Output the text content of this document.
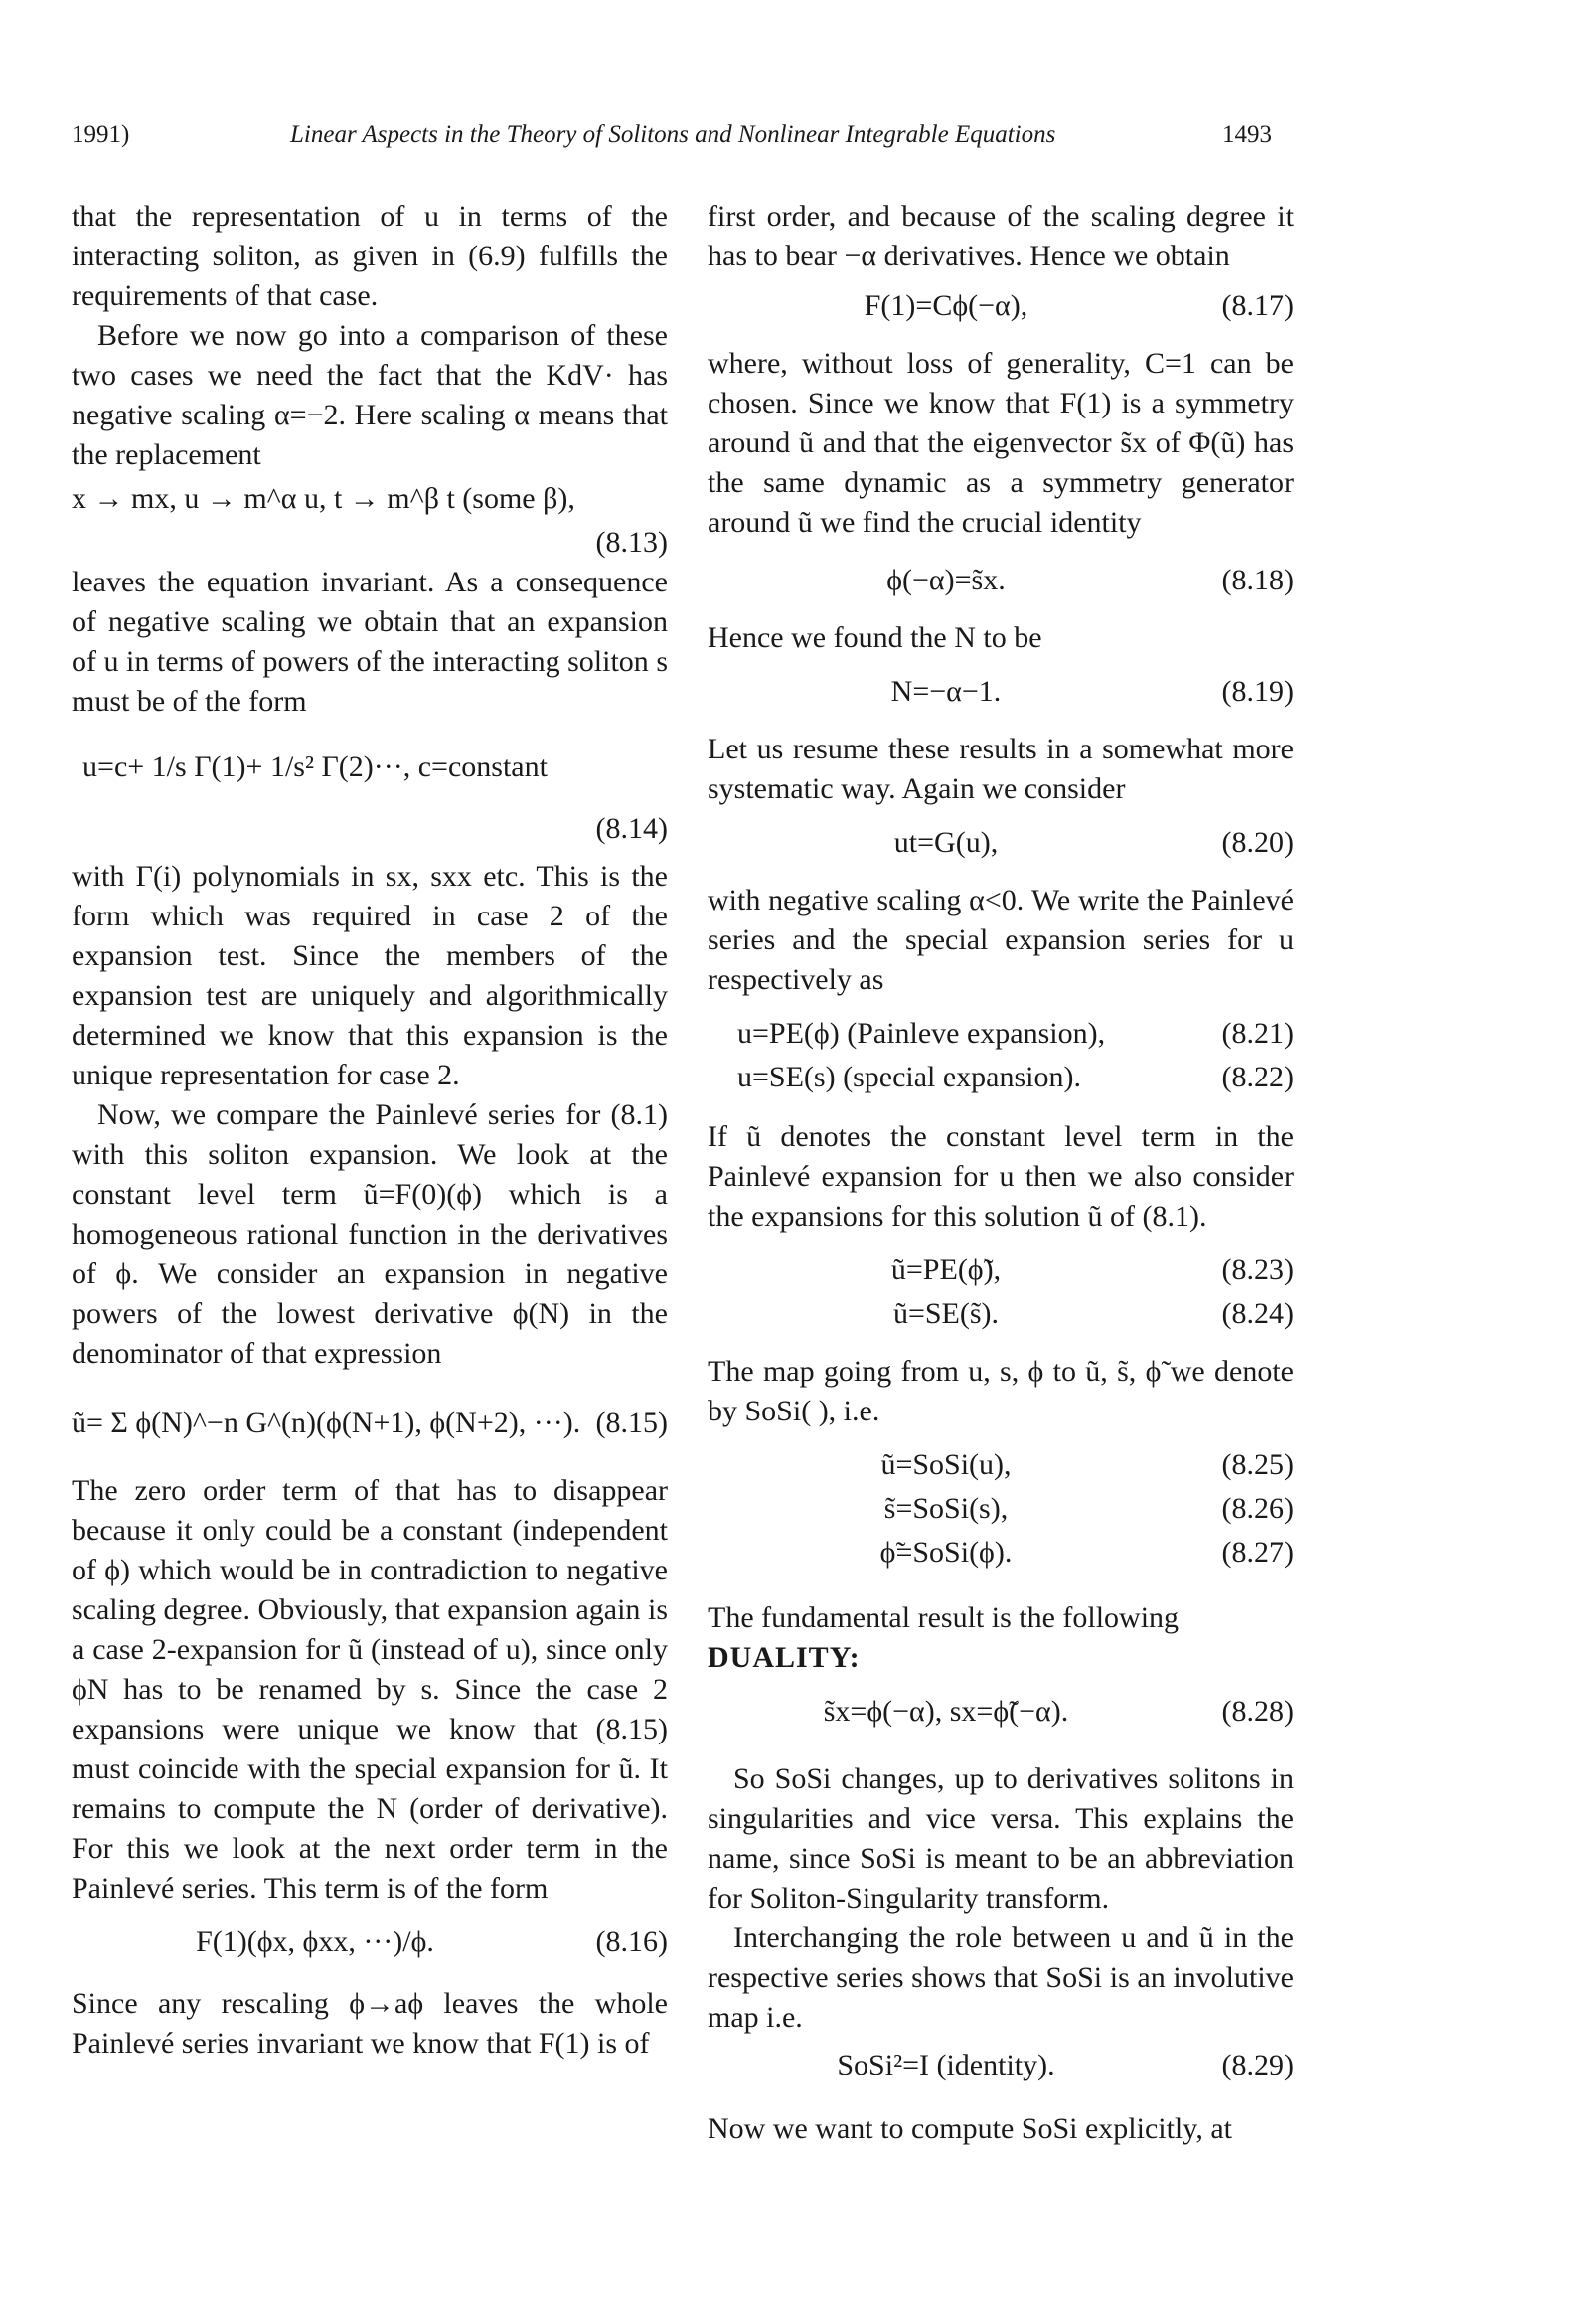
1991)	Linear Aspects in the Theory of Solitons and Nonlinear Integrable Equations	1493

that the representation of u in terms of the interacting soliton, as given in (6.9) fulfills the requirements of that case.

Before we now go into a comparison of these two cases we need the fact that the KdV· has negative scaling α=−2. Here scaling α means that the replacement

x → mx, u → m^α u, t → m^β t (some β),
(8.13)

leaves the equation invariant. As a consequence of negative scaling we obtain that an expansion of u in terms of powers of the interacting soliton s must be of the form

u=c+ 1/s Γ(1)+ 1/s² Γ(2)···, c=constant
(8.14)

with Γ(i) polynomials in sx, sxx etc. This is the form which was required in case 2 of the expansion test. Since the members of the expansion test are uniquely and algorithmically determined we know that this expansion is the unique representation for case 2.

Now, we compare the Painlevé series for (8.1) with this soliton expansion. We look at the constant level term ũ=F(0)(ϕ) which is a homogeneous rational function in the derivatives of ϕ. We consider an expansion in negative powers of the lowest derivative ϕ(N) in the denominator of that expression

ũ= Σ ϕ(N)^−n G^(n)(ϕ(N+1), ϕ(N+2), ···). (8.15)

The zero order term of that has to disappear because it only could be a constant (independent of ϕ) which would be in contradiction to negative scaling degree. Obviously, that expansion again is a case 2-expansion for ũ (instead of u), since only ϕN has to be renamed by s. Since the case 2 expansions were unique we know that (8.15) must coincide with the special expansion for ũ. It remains to compute the N (order of derivative). For this we look at the next order term in the Painlevé series. This term is of the form

F(1)(ϕx, ϕxx, ···)/ϕ.	(8.16)

Since any rescaling ϕ→aϕ leaves the whole Painlevé series invariant we know that F(1) is of

first order, and because of the scaling degree it has to bear −α derivatives. Hence we obtain

F(1)=Cϕ(−α),	(8.17)

where, without loss of generality, C=1 can be chosen. Since we know that F(1) is a symmetry around ũ and that the eigenvector s̃x of Φ(ũ) has the same dynamic as a symmetry generator around ũ we find the crucial identity

ϕ(−α)=s̃x.	(8.18)

Hence we found the N to be

N=−α−1.	(8.19)

Let us resume these results in a somewhat more systematic way. Again we consider

ut=G(u),	(8.20)

with negative scaling α<0. We write the Painlevé series and the special expansion series for u respectively as

u=PE(ϕ) (Painleve expansion),	(8.21)
u=SE(s) (special expansion).	(8.22)

If ũ denotes the constant level term in the Painlevé expansion for u then we also consider the expansions for this solution ũ of (8.1).

ũ=PE(ϕ̃),	(8.23)
ũ=SE(s̃).	(8.24)

The map going from u, s, ϕ to ũ, s̃, ϕ̃ we denote by SoSi( ), i.e.

ũ=SoSi(u),	(8.25)
s̃=SoSi(s),	(8.26)
ϕ̃=SoSi(ϕ).	(8.27)

The fundamental result is the following

DUALITY:

s̃x=ϕ(−α), sx=ϕ̃(−α).	(8.28)

So SoSi changes, up to derivatives solitons in singularities and vice versa. This explains the name, since SoSi is meant to be an abbreviation for Soliton-Singularity transform.

Interchanging the role between u and ũ in the respective series shows that SoSi is an involutive map i.e.

SoSi²=I (identity).	(8.29)

Now we want to compute SoSi explicitly, at
